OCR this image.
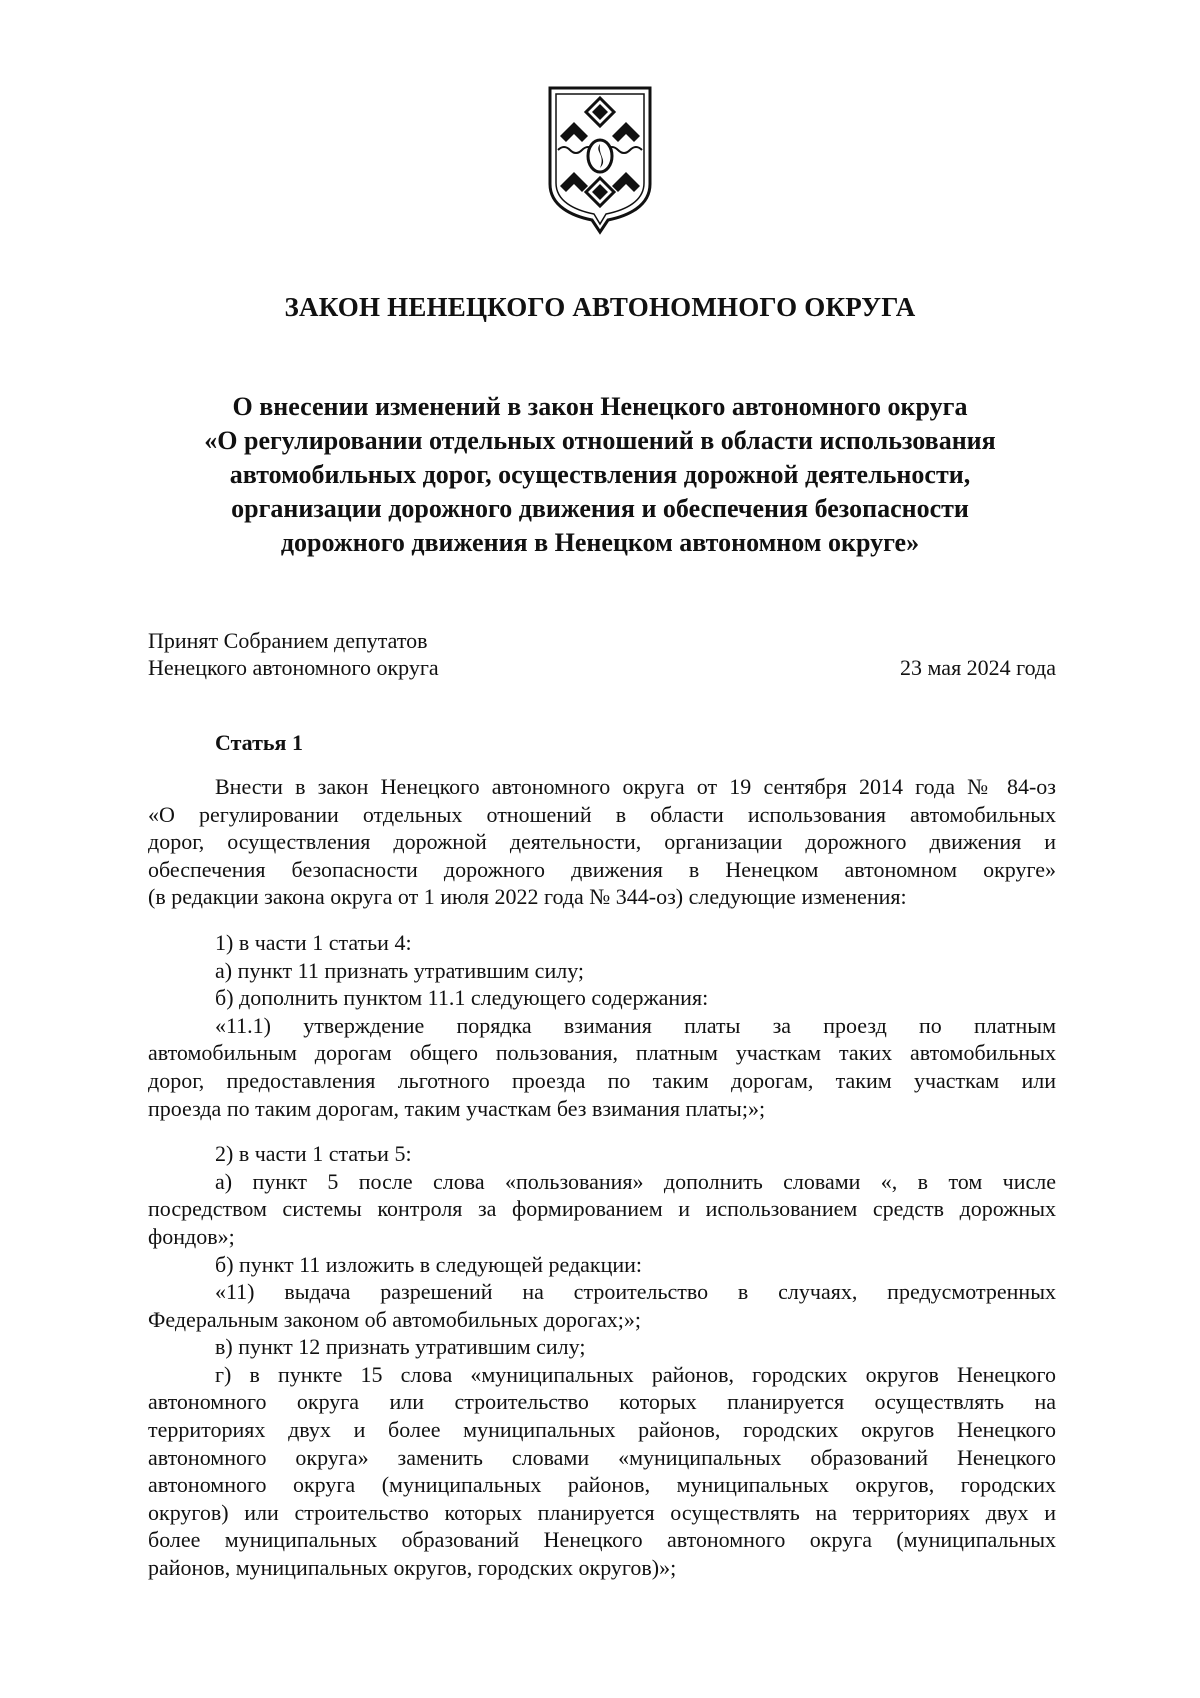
ЗАКОН НЕНЕЦКОГО АВТОНОМНОГО ОКРУГА
О внесении изменений в закон Ненецкого автономного округа
«О регулировании отдельных отношений в области использования
автомобильных дорог, осуществления дорожной деятельности,
организации дорожного движения и обеспечения безопасности
дорожного движения в Ненецком автономном округе»
Принят Собранием депутатов
Ненецкого автономного округа	23 мая 2024 года
Статья 1
Внести в закон Ненецкого автономного округа от 19 сентября 2014 года № 84-оз
«О регулировании отдельных отношений в области использования автомобильных
дорог, осуществления дорожной деятельности, организации дорожного движения и
обеспечения безопасности дорожного движения в Ненецком автономном округе»
(в редакции закона округа от 1 июля 2022 года № 344-оз) следующие изменения:
1) в части 1 статьи 4:
а) пункт 11 признать утратившим силу;
б) дополнить пунктом 11.1 следующего содержания:
«11.1) утверждение порядка взимания платы за проезд по платным
автомобильным дорогам общего пользования, платным участкам таких автомобильных
дорог, предоставления льготного проезда по таким дорогам, таким участкам или
проезда по таким дорогам, таким участкам без взимания платы;»;
2) в части 1 статьи 5:
а) пункт 5 после слова «пользования» дополнить словами «, в том числе
посредством системы контроля за формированием и использованием средств дорожных
фондов»;
б) пункт 11 изложить в следующей редакции:
«11) выдача разрешений на строительство в случаях, предусмотренных
Федеральным законом об автомобильных дорогах;»;
в) пункт 12 признать утратившим силу;
г) в пункте 15 слова «муниципальных районов, городских округов Ненецкого
автономного округа или строительство которых планируется осуществлять на
территориях двух и более муниципальных районов, городских округов Ненецкого
автономного округа» заменить словами «муниципальных образований Ненецкого
автономного округа (муниципальных районов, муниципальных округов, городских
округов) или строительство которых планируется осуществлять на территориях двух и
более муниципальных образований Ненецкого автономного округа (муниципальных
районов, муниципальных округов, городских округов)»;
